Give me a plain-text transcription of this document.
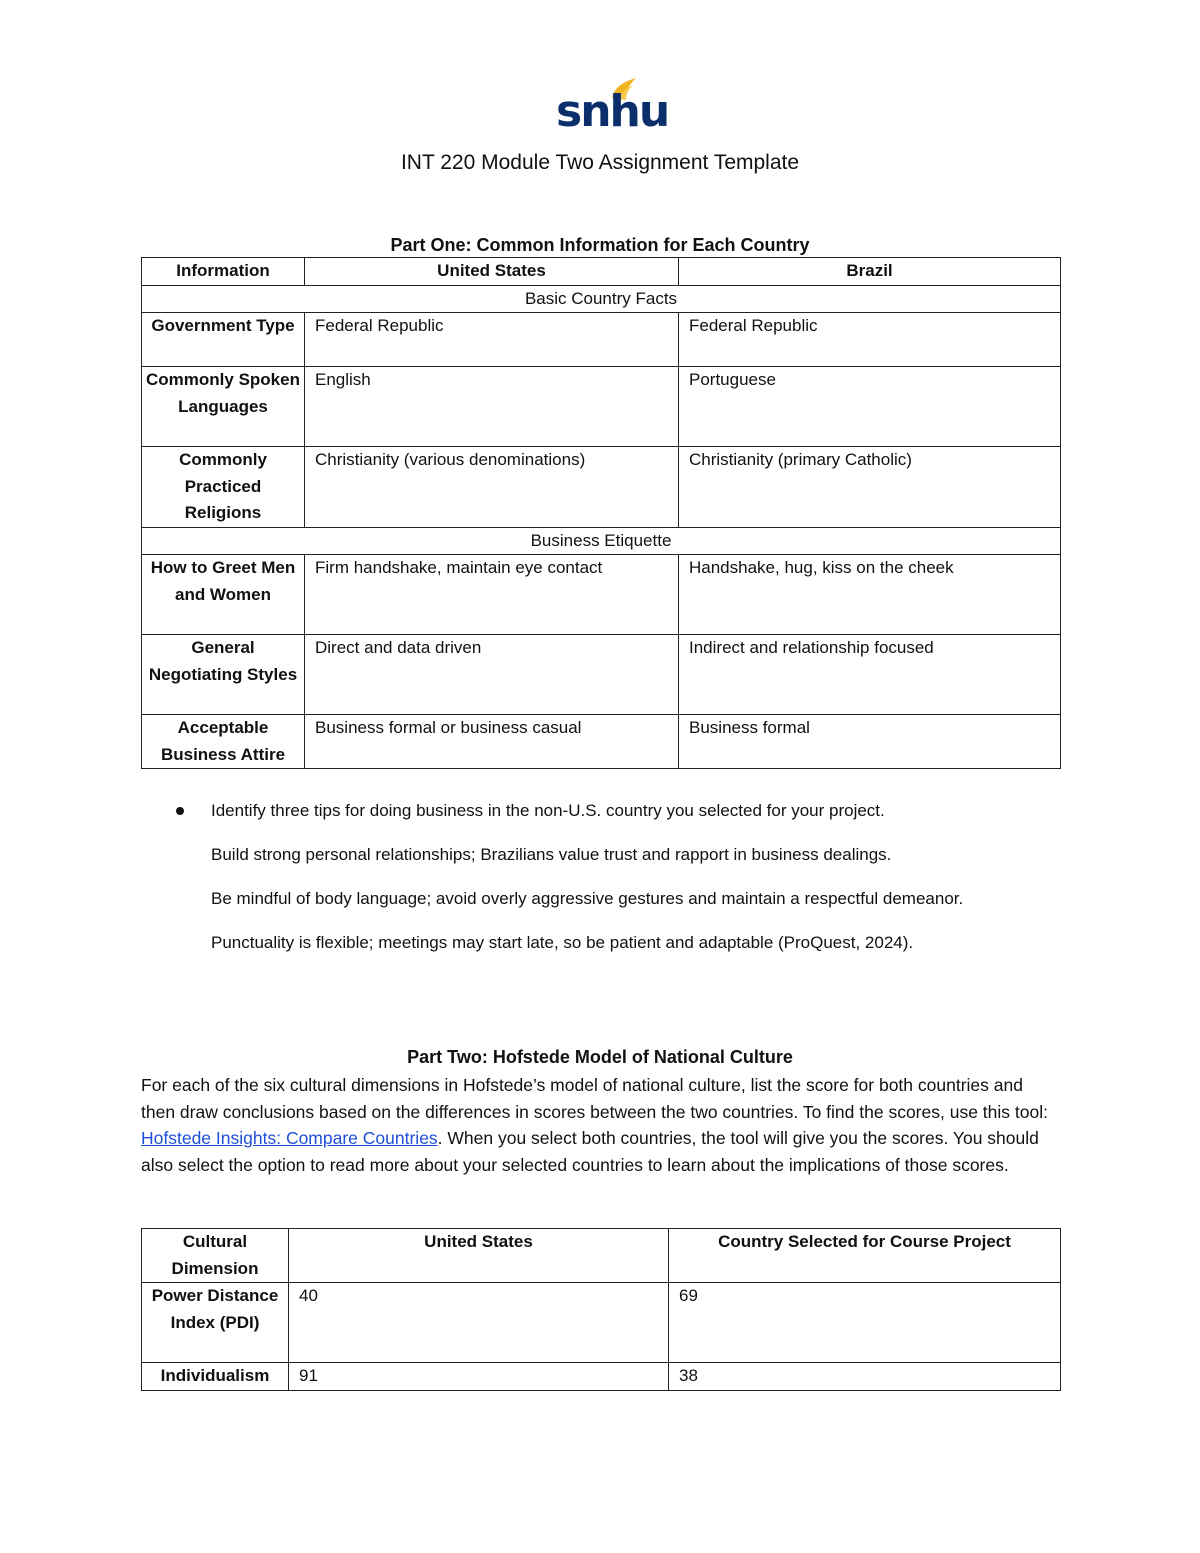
snhu
INT 220 Module Two Assignment Template
Part One: Common Information for Each Country
Information	United States	Brazil
Basic Country Facts		
Government Type	Federal Republic	Federal Republic
Commonly Spoken Languages	English	Portuguese
Commonly Practiced Religions	Christianity (various denominations)	Christianity (primary Catholic)
Business Etiquette		
How to Greet Men and Women	Firm handshake, maintain eye contact	Handshake, hug, kiss on the cheek
General Negotiating Styles	Direct and data driven	Indirect and relationship focused
Acceptable Business Attire	Business formal or business casual	Business formal
Identify three tips for doing business in the non-U.S. country you selected for your project.
Build strong personal relationships; Brazilians value trust and rapport in business dealings.
Be mindful of body language; avoid overly aggressive gestures and maintain a respectful demeanor.
Punctuality is flexible; meetings may start late, so be patient and adaptable (ProQuest, 2024).
Part Two: Hofstede Model of National Culture
For each of the six cultural dimensions in Hofstede’s model of national culture, list the score for both countries and then draw conclusions based on the differences in scores between the two countries. To find the scores, use this tool: Hofstede Insights: Compare Countries. When you select both countries, the tool will give you the scores. You should also select the option to read more about your selected countries to learn about the implications of those scores.
Cultural Dimension	United States	Country Selected for Course Project
Power Distance Index (PDI)	40	69
Individualism	91	38
